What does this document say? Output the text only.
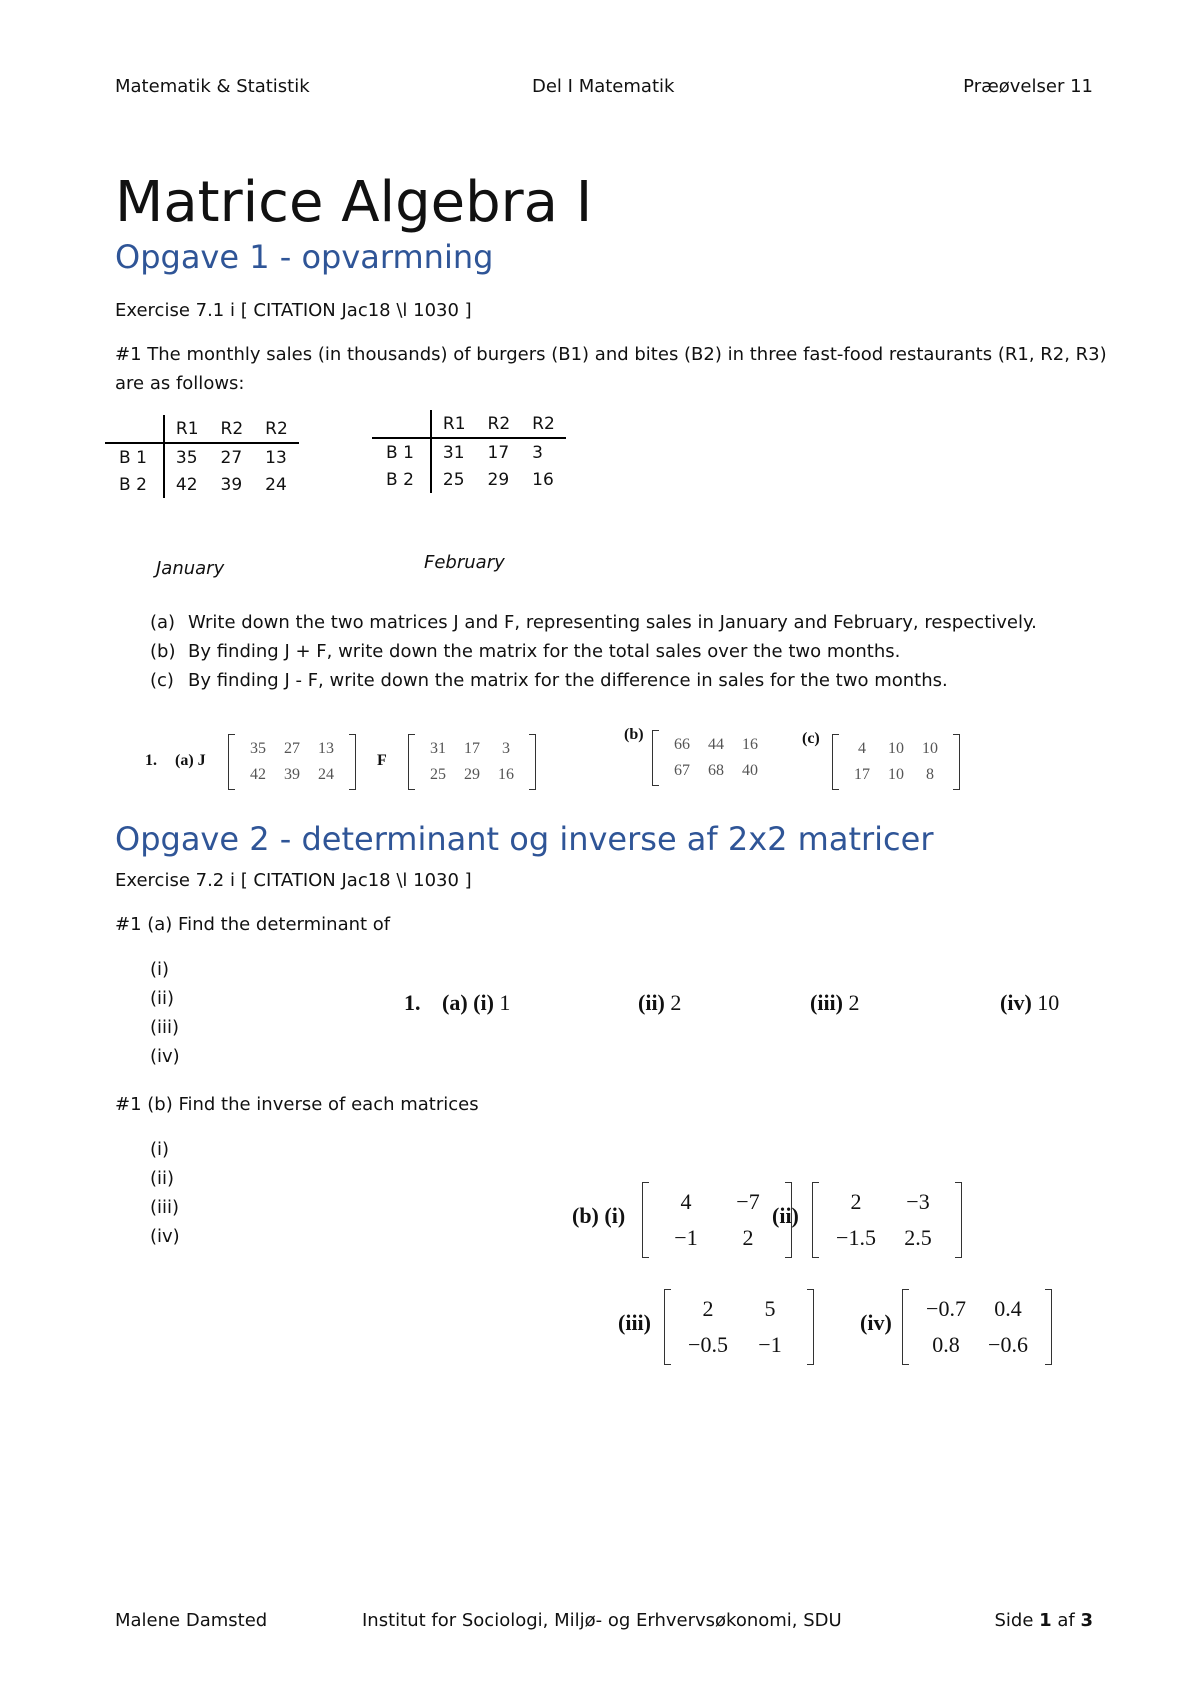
Matematik & Statistik	Del I Matematik	Præøvelser 11
Matrice Algebra I
Opgave 1 - opvarmning
Exercise 7.1 i [ CITATION Jac18 \l 1030 ]
#1 The monthly sales (in thousands) of burgers (B1) and bites (B2) in three fast-food restaurants (R1, R2, R3) are as follows:
	R1	R2	R2
B 1	35	27	13
B 2	42	39	24
January
	R1	R2	R2
B 1	31	17	3
B 2	25	29	16
February
(a) Write down the two matrices J and F, representing sales in January and February, respectively.
(b) By finding J + F, write down the matrix for the total sales over the two months.
(c) By finding J - F, write down the matrix for the difference in sales for the two months.
1. (a) J
35 27 13
42 39 24
F
31 17 3
25 29 16
(b)
66 44 16
67 68 40
(c)
4 10 10
17 10 8
Opgave 2 - determinant og inverse af 2x2 matricer
Exercise 7.2 i [ CITATION Jac18 \l 1030 ]
#1 (a) Find the determinant of
(i)
(ii)
(iii)
(iv)
1. (a) (i) 1	(ii) 2	(iii) 2	(iv) 10
#1 (b) Find the inverse of each matrices
(i)
(ii)
(iii)
(iv)
(b) (i)
4 −7
−1 2
(ii)
2 −3
−1.5 2.5
(iii)
2 5
−0.5 −1
(iv)
−0.7 0.4
0.8 −0.6
Malene Damsted	Institut for Sociologi, Miljø- og Erhvervsøkonomi, SDU	Side 1 af 3
